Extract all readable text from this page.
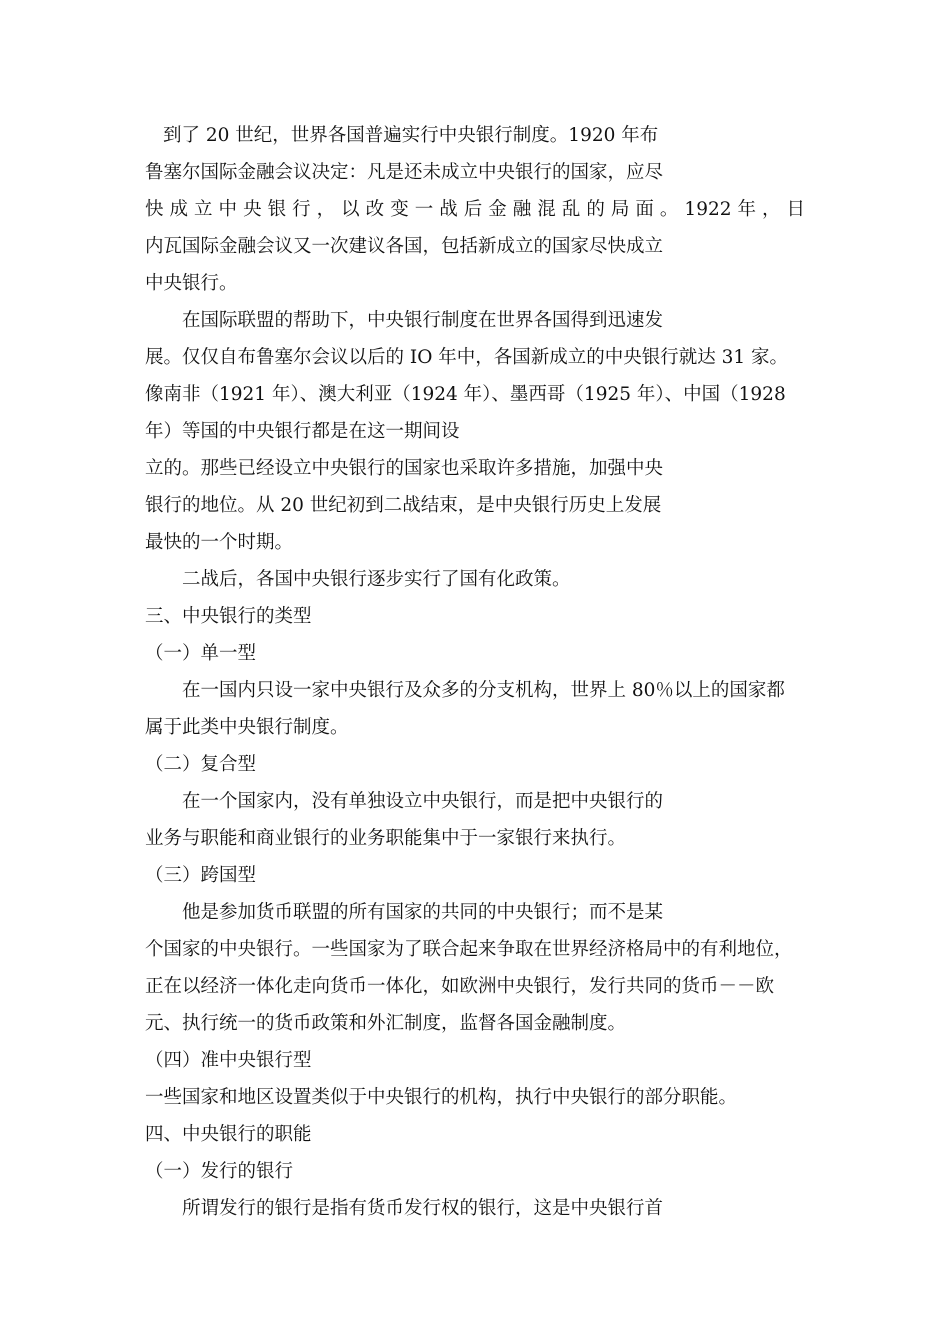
到了 20 世纪，世界各国普遍实行中央银行制度。1920 年布

鲁塞尔国际金融会议决定：凡是还未成立中央银行的国家，应尽

快 成 立 中 央 银 行 ， 以 改 变 一 战 后 金 融 混 乱 的 局 面 。 1922 年 ， 日

内瓦国际金融会议又一次建议各国，包括新成立的国家尽快成立

中央银行。

在国际联盟的帮助下，中央银行制度在世界各国得到迅速发

展。仅仅自布鲁塞尔会议以后的 IO 年中，各国新成立的中央银行就达 31 家。

像南非（1921 年）、澳大利亚（1924 年）、墨西哥（1925 年）、中国（1928

年）等国的中央银行都是在这一期间设

立的。那些已经设立中央银行的国家也采取许多措施，加强中央

银行的地位。从 20 世纪初到二战结束，是中央银行历史上发展

最快的一个时期。

二战后，各国中央银行逐步实行了国有化政策。

三、中央银行的类型
（一）单一型

在一国内只设一家中央银行及众多的分支机构，世界上 80％以上的国家都

属于此类中央银行制度。

（二）复合型

在一个国家内，没有单独设立中央银行，而是把中央银行的

业务与职能和商业银行的业务职能集中于一家银行来执行。

（三）跨国型

他是参加货币联盟的所有国家的共同的中央银行；而不是某

个国家的中央银行。一些国家为了联合起来争取在世界经济格局中的有利地位，

正在以经济一体化走向货币一体化，如欧洲中央银行，发行共同的货币－－欧

元、执行统一的货币政策和外汇制度，监督各国金融制度。

（四）准中央银行型

一些国家和地区设置类似于中央银行的机构，执行中央银行的部分职能。

四、中央银行的职能
（一）发行的银行

所谓发行的银行是指有货币发行权的银行，这是中央银行首
